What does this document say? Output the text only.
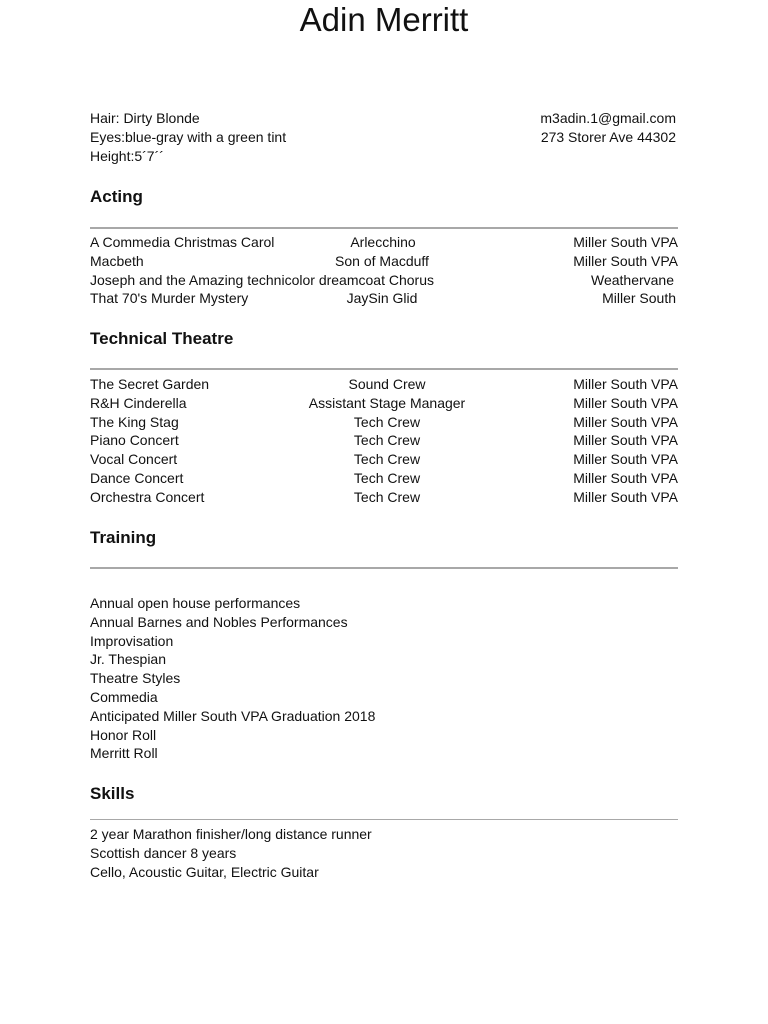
Adin Merritt
Hair: Dirty Blonde
Eyes:blue-gray with a green tint
Height:5´7´´
m3adin.1@gmail.com
273 Storer Ave 44302
Acting
A Commedia Christmas Carol	Arlecchino	Miller South VPA
Macbeth	Son of Macduff	Miller South VPA
Joseph and the Amazing technicolor dreamcoat Chorus	Weathervane
That 70's Murder Mystery	JaySin Glid	Miller South
Technical Theatre
The Secret Garden	Sound Crew	Miller South VPA
R&H Cinderella	Assistant Stage Manager	Miller South VPA
The King Stag	Tech Crew	Miller South VPA
Piano Concert	Tech Crew	Miller South VPA
Vocal Concert	Tech Crew	Miller South VPA
Dance Concert	Tech Crew	Miller South VPA
Orchestra Concert	Tech Crew	Miller South VPA
Training
Annual open house performances
Annual Barnes and Nobles Performances
Improvisation
Jr. Thespian
Theatre Styles
Commedia
Anticipated Miller South VPA Graduation 2018
Honor Roll
Merritt Roll
Skills
2 year Marathon finisher/long distance runner
Scottish dancer 8 years
Cello, Acoustic Guitar, Electric Guitar
